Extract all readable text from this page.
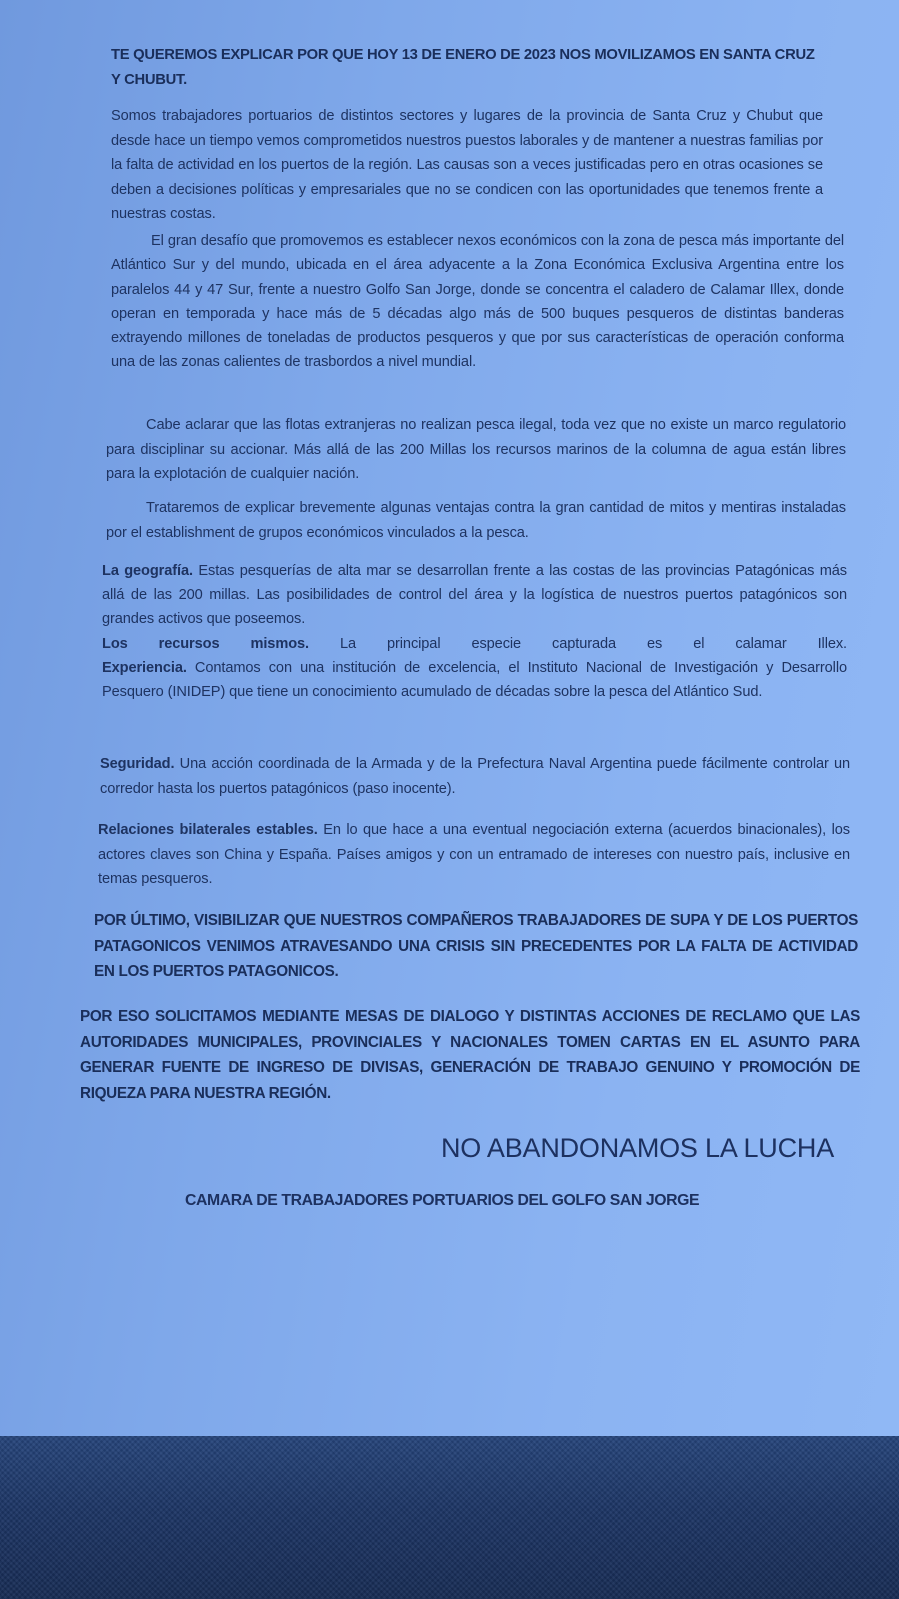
TE QUEREMOS EXPLICAR POR QUE HOY 13 DE ENERO DE 2023 NOS MOVILIZAMOS EN SANTA CRUZ Y CHUBUT.

Somos trabajadores portuarios de distintos sectores y lugares de la provincia de Santa Cruz y Chubut que desde hace un tiempo vemos comprometidos nuestros puestos laborales y de mantener a nuestras familias por la falta de actividad en los puertos de la región. Las causas son a veces justificadas pero en otras ocasiones se deben a decisiones políticas y empresariales que no se condicen con las oportunidades que tenemos frente a nuestras costas.

El gran desafío que promovemos es establecer nexos económicos con la zona de pesca más importante del Atlántico Sur y del mundo, ubicada en el área adyacente a la Zona Económica Exclusiva Argentina entre los paralelos 44 y 47 Sur, frente a nuestro Golfo San Jorge, donde se concentra el caladero de Calamar Illex, donde operan en temporada y hace más de 5 décadas algo más de 500 buques pesqueros de distintas banderas extrayendo millones de toneladas de productos pesqueros y que por sus características de operación conforma una de las zonas calientes de trasbordos a nivel mundial.

Cabe aclarar que las flotas extranjeras no realizan pesca ilegal, toda vez que no existe un marco regulatorio para disciplinar su accionar. Más allá de las 200 Millas los recursos marinos de la columna de agua están libres para la explotación de cualquier nación.

Trataremos de explicar brevemente algunas ventajas contra la gran cantidad de mitos y mentiras instaladas por el establishment de grupos económicos vinculados a la pesca.

La geografía. Estas pesquerías de alta mar se desarrollan frente a las costas de las provincias Patagónicas más allá de las 200 millas. Las posibilidades de control del área y la logística de nuestros puertos patagónicos son grandes activos que poseemos.

Los recursos mismos. La principal especie capturada es el calamar Illex.

Experiencia. Contamos con una institución de excelencia, el Instituto Nacional de Investigación y Desarrollo Pesquero (INIDEP) que tiene un conocimiento acumulado de décadas sobre la pesca del Atlántico Sud.

Seguridad. Una acción coordinada de la Armada y de la Prefectura Naval Argentina puede fácilmente controlar un corredor hasta los puertos patagónicos (paso inocente).

Relaciones bilaterales estables. En lo que hace a una eventual negociación externa (acuerdos binacionales), los actores claves son China y España. Países amigos y con un entramado de intereses con nuestro país, inclusive en temas pesqueros.

POR ÚLTIMO, VISIBILIZAR QUE NUESTROS COMPAÑEROS TRABAJADORES DE SUPA Y DE LOS PUERTOS PATAGONICOS VENIMOS ATRAVESANDO UNA CRISIS SIN PRECEDENTES POR LA FALTA DE ACTIVIDAD EN LOS PUERTOS PATAGONICOS.

POR ESO SOLICITAMOS MEDIANTE MESAS DE DIALOGO Y DISTINTAS ACCIONES DE RECLAMO QUE LAS AUTORIDADES MUNICIPALES, PROVINCIALES Y NACIONALES TOMEN CARTAS EN EL ASUNTO PARA GENERAR FUENTE DE INGRESO DE DIVISAS, GENERACIÓN DE TRABAJO GENUINO Y PROMOCIÓN DE RIQUEZA PARA NUESTRA REGIÓN.

NO ABANDONAMOS LA LUCHA
CAMARA DE TRABAJADORES PORTUARIOS DEL GOLFO SAN JORGE
